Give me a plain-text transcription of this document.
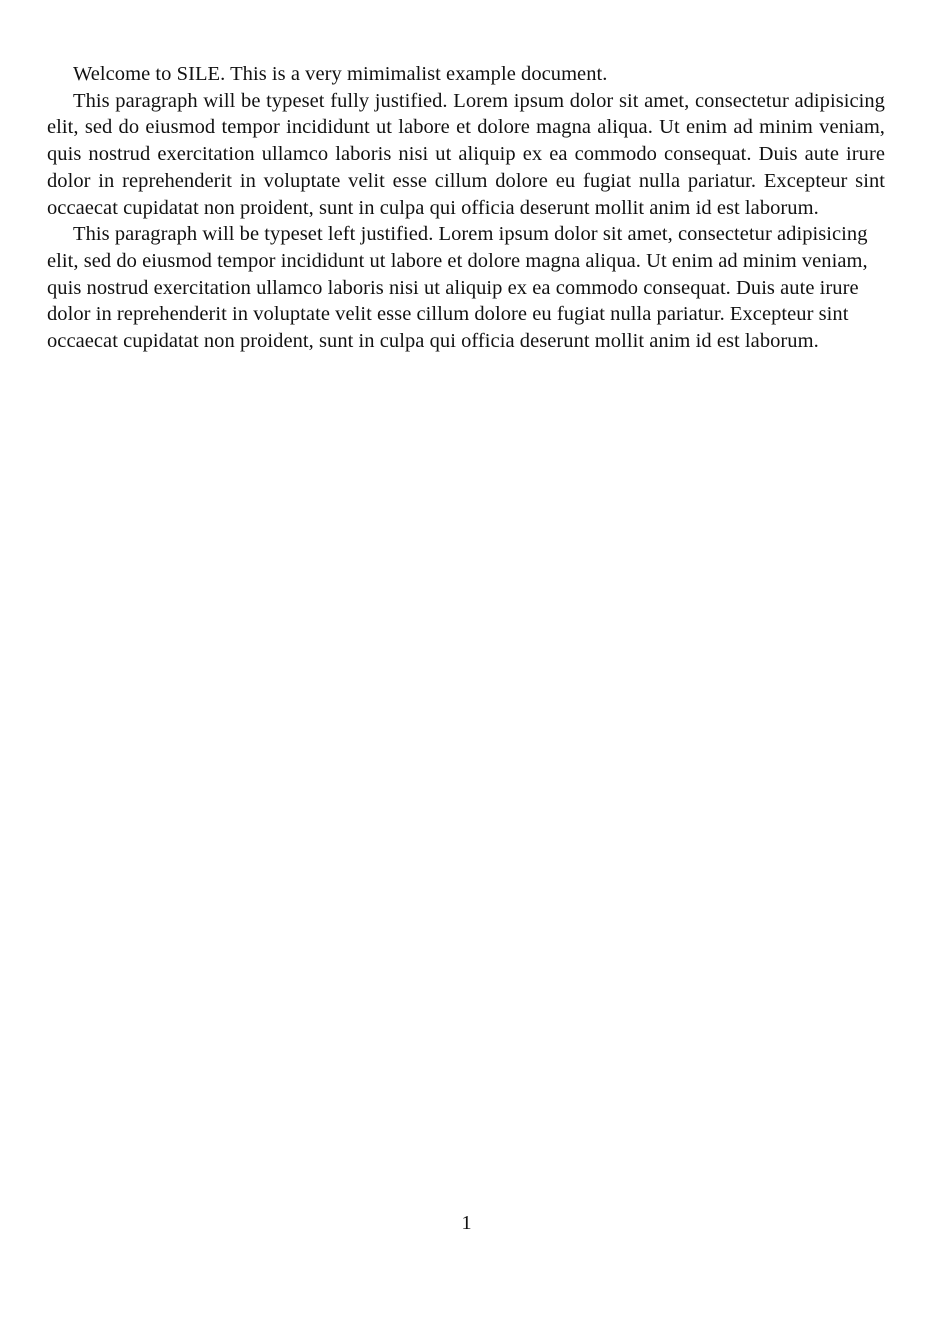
Welcome to SILE. This is a very mimimalist example document.

This paragraph will be typeset fully justified. Lorem ipsum dolor sit amet, consectetur adipisicing elit, sed do eiusmod tempor incididunt ut labore et dolore magna aliqua. Ut enim ad minim veniam, quis nostrud exercitation ullamco laboris nisi ut aliquip ex ea commodo consequat. Duis aute irure dolor in reprehenderit in voluptate velit esse cillum dolore eu fugiat nulla pariatur. Excepteur sint occaecat cupidatat non proident, sunt in culpa qui officia deserunt mollit anim id est laborum.

This paragraph will be typeset left justified. Lorem ipsum dolor sit amet, consectetur adipisicing elit, sed do eiusmod tempor incididunt ut labore et dolore magna aliqua. Ut enim ad minim veniam, quis nostrud exercitation ullamco laboris nisi ut aliquip ex ea commodo consequat. Duis aute irure dolor in reprehenderit in voluptate velit esse cillum dolore eu fugiat nulla pariatur. Excepteur sint occaecat cupidatat non proident, sunt in culpa qui officia deserunt mollit anim id est laborum.

1
